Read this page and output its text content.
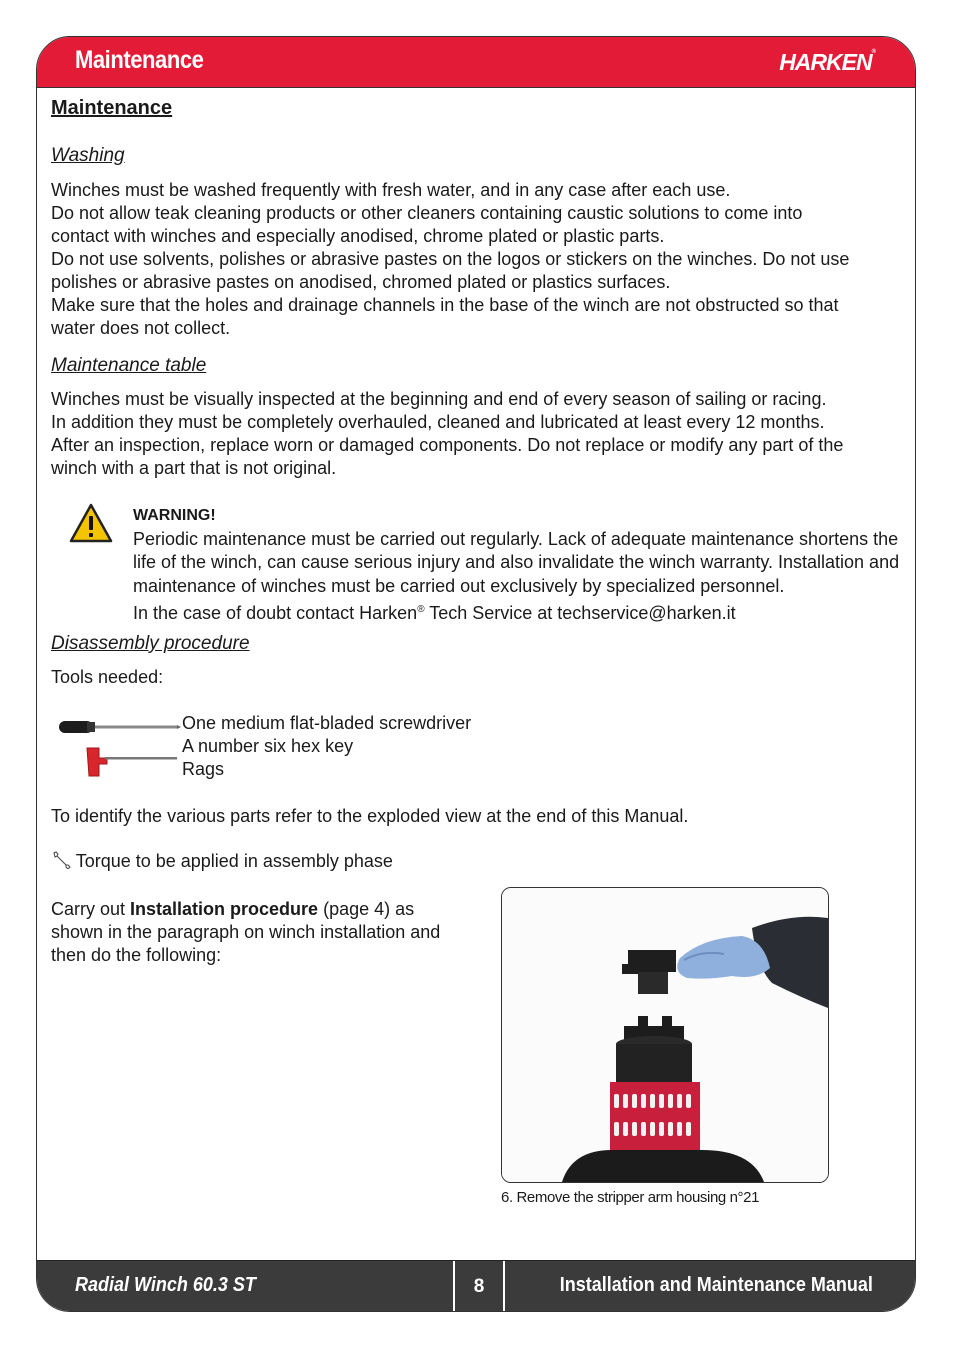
Maintenance	HARKEN®
Maintenance
Washing

Winches must be washed frequently with fresh water, and in any case after each use.

Do not allow teak cleaning products or other cleaners containing caustic solutions to come into

contact with winches and especially anodised, chrome plated or plastic parts.

Do not use solvents, polishes or abrasive pastes on the logos or stickers on the winches. Do not use

polishes or abrasive pastes on anodised, chromed plated or plastics surfaces.

Make sure that the holes and drainage channels in the base of the winch are not obstructed so that

water does not collect.

Maintenance table

Winches must be visually inspected at the beginning and end of every season of sailing or racing.

In addition they must be completely overhauled, cleaned and lubricated at least every 12 months.

After an inspection, replace worn or damaged components. Do not replace or modify any part of the

winch with a part that is not original.

WARNING!
Periodic maintenance must be carried out regularly. Lack of adequate maintenance shortens the
life of the winch, can cause serious injury and also invalidate the winch warranty. Installation and
maintenance of winches must be carried out exclusively by specialized personnel.
In the case of doubt contact Harken® Tech Service at techservice@harken.it
Disassembly procedure
Tools needed:
One medium flat-bladed screwdriver
A number six hex key
Rags
To identify the various parts refer to the exploded view at the end of this Manual.
Torque to be applied in assembly phase

Carry out Installation procedure (page 4) as

shown in the paragraph on winch installation and

then do the following:

6. Remove the stripper arm housing n°21
Radial Winch 60.3 ST	8	Installation and Maintenance Manual
